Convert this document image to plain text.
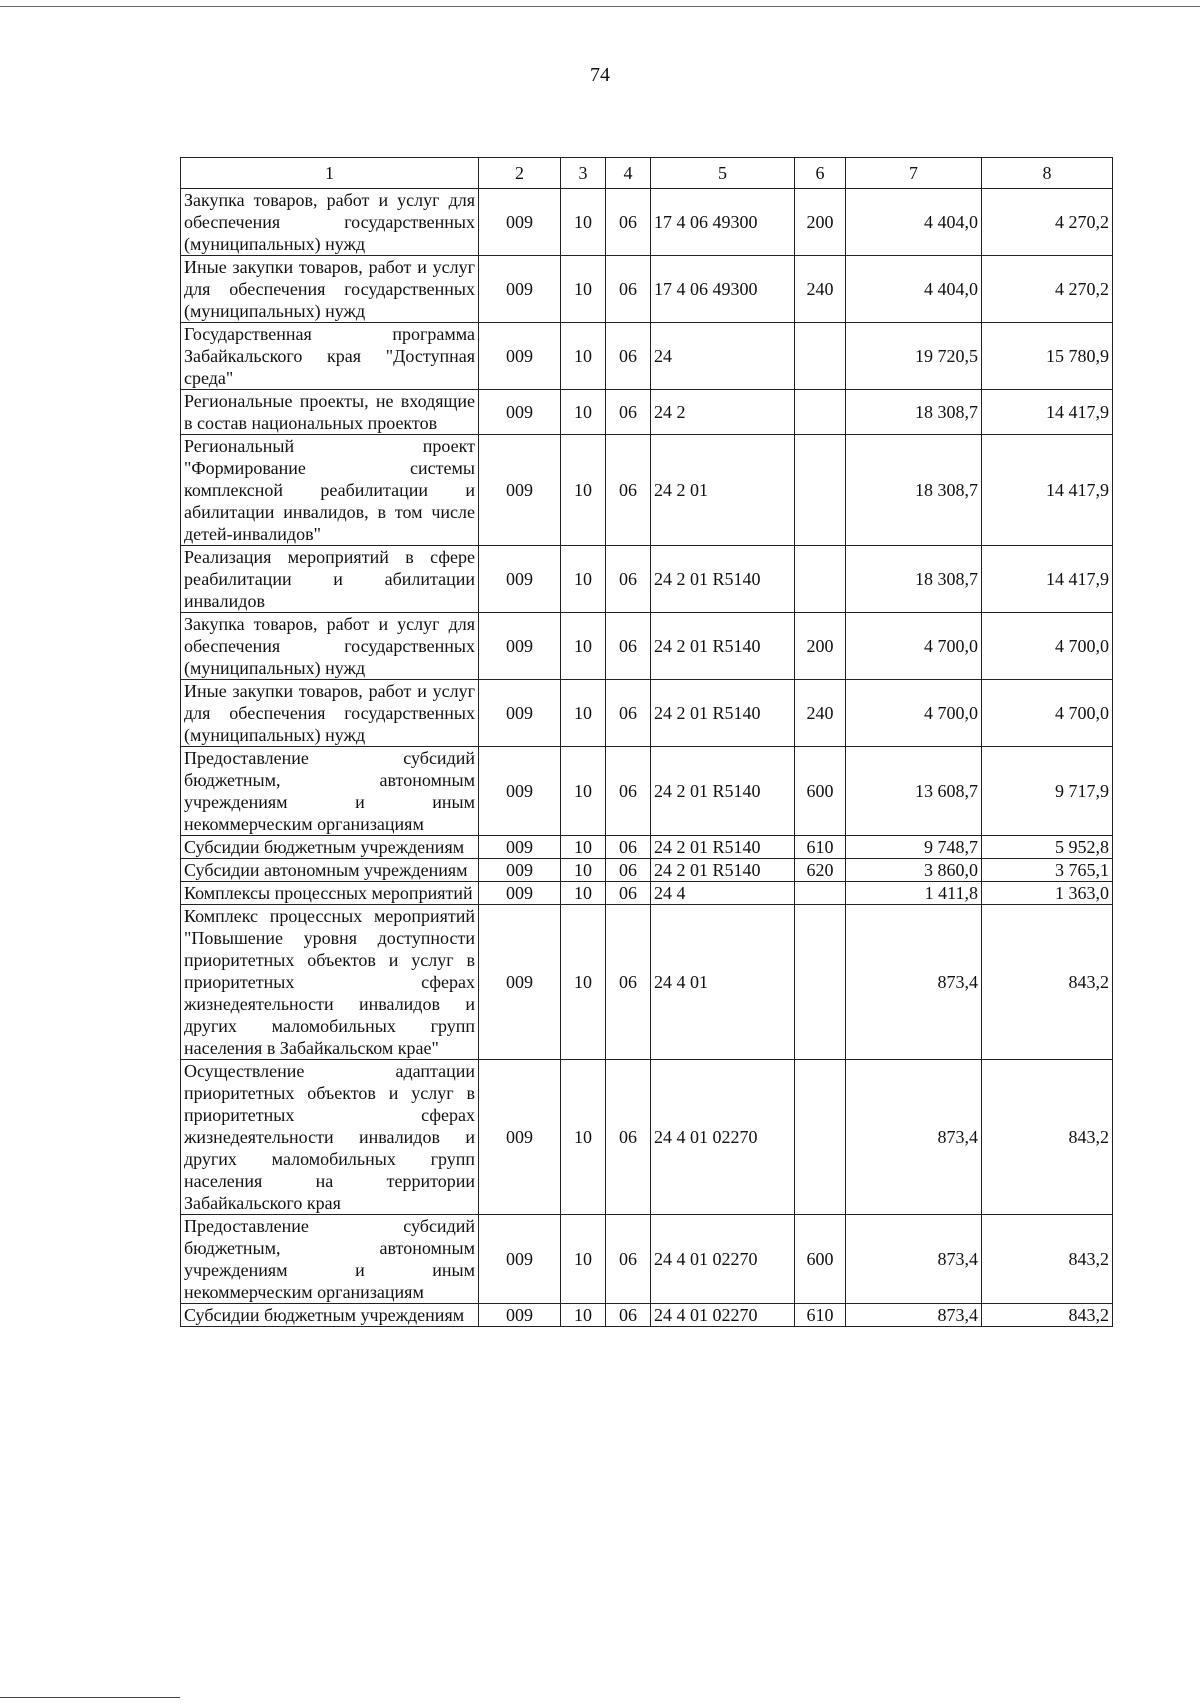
74
1	2	3	4	5	6	7	8
Закупка товаров, работ и услуг для обеспечения государственных (муниципальных) нужд	009	10	06	17 4 06 49300	200	4 404,0	4 270,2
Иные закупки товаров, работ и услуг для обеспечения государственных (муниципальных) нужд	009	10	06	17 4 06 49300	240	4 404,0	4 270,2
Государственная программа Забайкальского края "Доступная среда"	009	10	06	24		19 720,5	15 780,9
Региональные проекты, не входящие в состав национальных проектов	009	10	06	24 2		18 308,7	14 417,9
Региональный проект "Формирование системы комплексной реабилитации и абилитации инвалидов, в том числе детей-инвалидов"	009	10	06	24 2 01		18 308,7	14 417,9
Реализация мероприятий в сфере реабилитации и абилитации инвалидов	009	10	06	24 2 01 R5140		18 308,7	14 417,9
Закупка товаров, работ и услуг для обеспечения государственных (муниципальных) нужд	009	10	06	24 2 01 R5140	200	4 700,0	4 700,0
Иные закупки товаров, работ и услуг для обеспечения государственных (муниципальных) нужд	009	10	06	24 2 01 R5140	240	4 700,0	4 700,0
Предоставление субсидий бюджетным, автономным учреждениям и иным некоммерческим организациям	009	10	06	24 2 01 R5140	600	13 608,7	9 717,9
Субсидии бюджетным учреждениям	009	10	06	24 2 01 R5140	610	9 748,7	5 952,8
Субсидии автономным учреждениям	009	10	06	24 2 01 R5140	620	3 860,0	3 765,1
Комплексы процессных мероприятий	009	10	06	24 4		1 411,8	1 363,0
Комплекс процессных мероприятий "Повышение уровня доступности приоритетных объектов и услуг в приоритетных сферах жизнедеятельности инвалидов и других маломобильных групп населения в Забайкальском крае"	009	10	06	24 4 01		873,4	843,2
Осуществление адаптации приоритетных объектов и услуг в приоритетных сферах жизнедеятельности инвалидов и других маломобильных групп населения на территории Забайкальского края	009	10	06	24 4 01 02270		873,4	843,2
Предоставление субсидий бюджетным, автономным учреждениям и иным некоммерческим организациям	009	10	06	24 4 01 02270	600	873,4	843,2
Субсидии бюджетным учреждениям	009	10	06	24 4 01 02270	610	873,4	843,2
